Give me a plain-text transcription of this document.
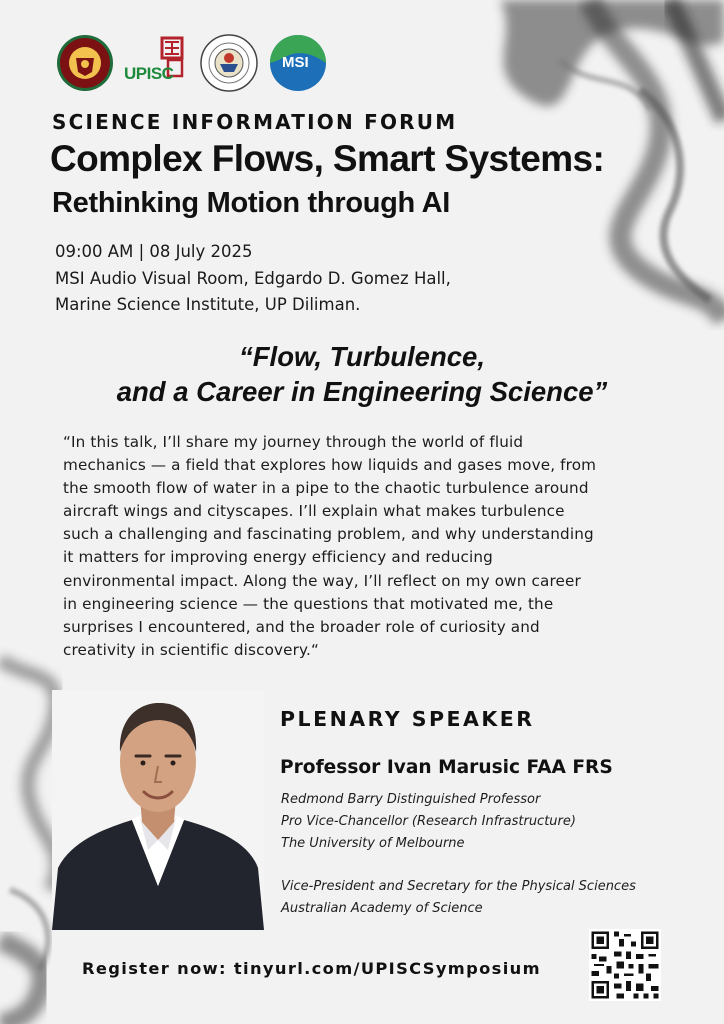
UPISC
MSI
SCIENCE INFORMATION FORUM
Complex Flows, Smart Systems:
Rethinking Motion through AI
09:00 AM | 08 July 2025
MSI Audio Visual Room, Edgardo D. Gomez Hall,
Marine Science Institute, UP Diliman.
“Flow, Turbulence,
and a Career in Engineering Science”
“In this talk, I’ll share my journey through the world of fluid
mechanics — a field that explores how liquids and gases move, from
the smooth flow of water in a pipe to the chaotic turbulence around
aircraft wings and cityscapes. I’ll explain what makes turbulence
such a challenging and fascinating problem, and why understanding
it matters for improving energy efficiency and reducing
environmental impact. Along the way, I’ll reflect on my own career
in engineering science — the questions that motivated me, the
surprises I encountered, and the broader role of curiosity and
creativity in scientific discovery.“
PLENARY SPEAKER
Professor Ivan Marusic FAA FRS
Redmond Barry Distinguished Professor
Pro Vice-Chancellor (Research Infrastructure)
The University of Melbourne
Vice-President and Secretary for the Physical Sciences
Australian Academy of Science
Register now: tinyurl.com/UPISCSymposium
